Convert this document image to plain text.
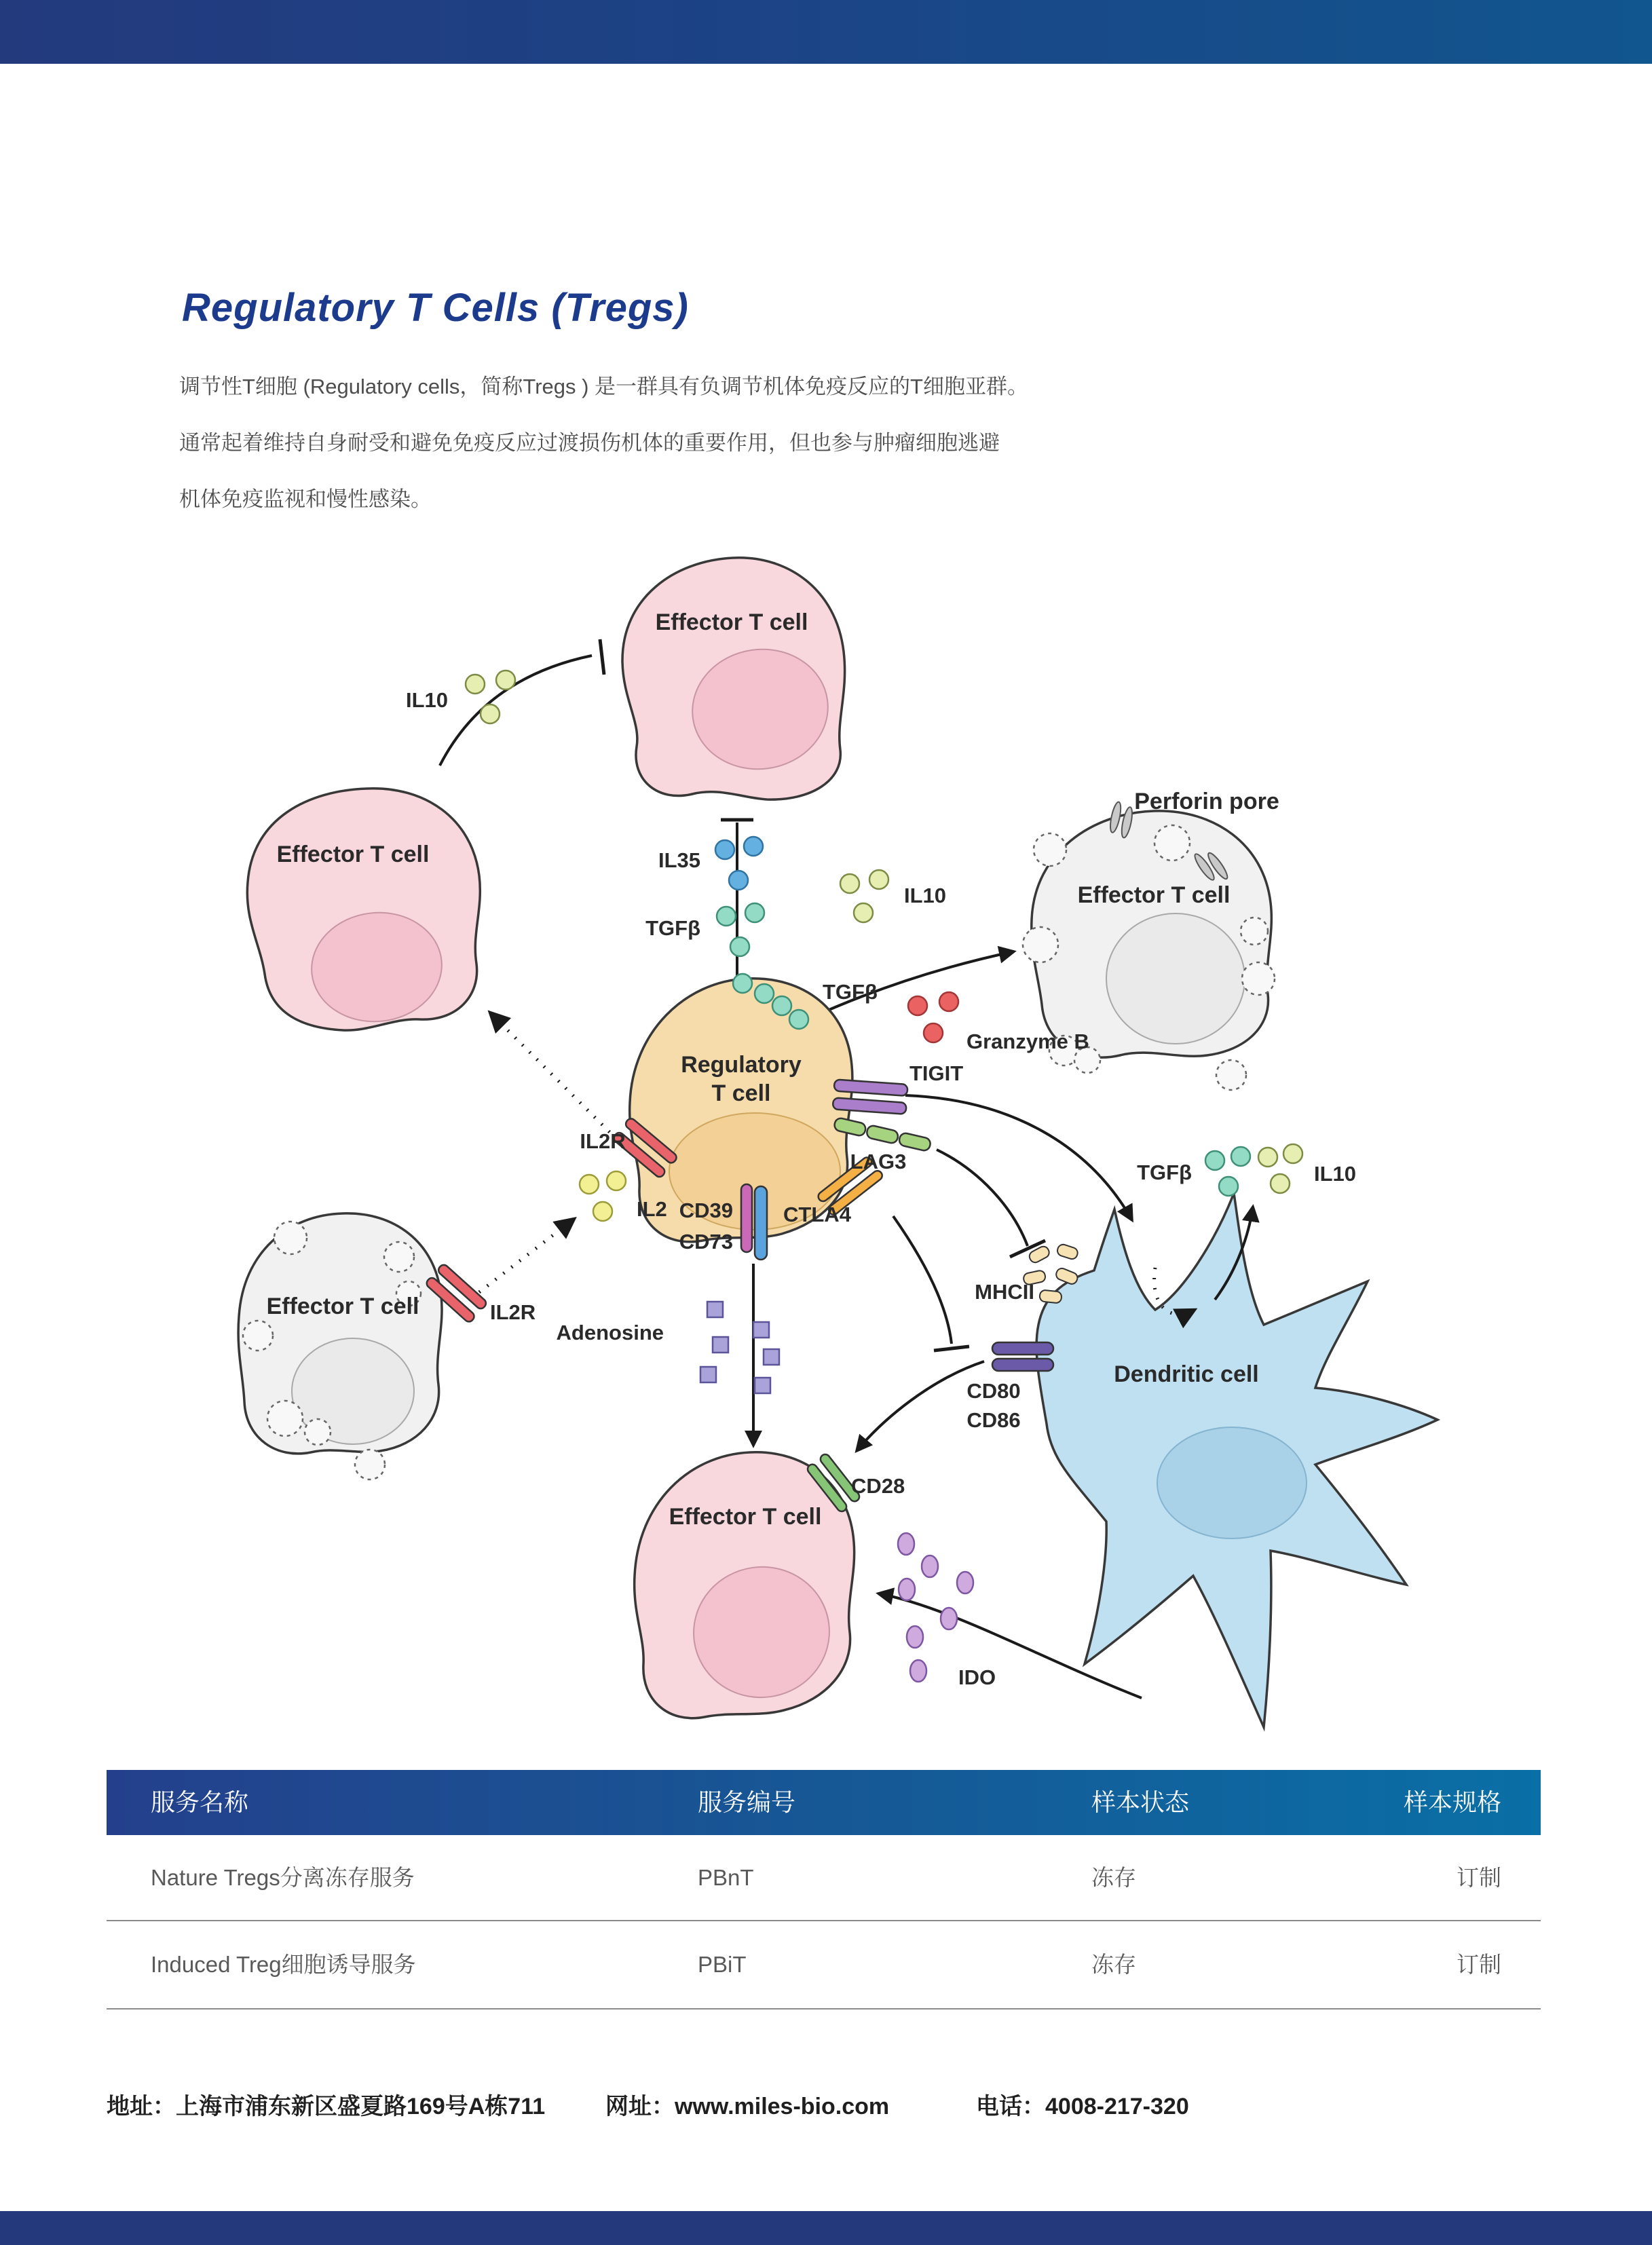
Regulatory T Cells (Tregs)
调节性T细胞 (Regulatory cells，简称Tregs ) 是一群具有负调节机体免疫反应的T细胞亚群。
通常起着维持自身耐受和避免免疫反应过渡损伤机体的重要作用，但也参与肿瘤细胞逃避
机体免疫监视和慢性感染。
Effector T cell
Effector T cell
Effector T cell
Perforin pore
Regulatory
T cell
Effector T cell
Effector T cell
Dendritic cell
IL10
IL35
TGFβ
IL10
TGFβ
Granzyme B
TIGIT
LAG3
IL2R
IL2 CD39
CD73
CTLA4
IL2R
Adenosine
MHCII
TGFβ	IL10
CD80
CD86
CD28
IDO
服务名称	服务编号	样本状态	样本规格
Nature Tregs分离冻存服务	PBnT	冻存	订制
Induced Treg细胞诱导服务	PBiT	冻存	订制
地址：上海市浦东新区盛夏路169号A栋711	网址：www.miles-bio.com	电话：4008-217-320
